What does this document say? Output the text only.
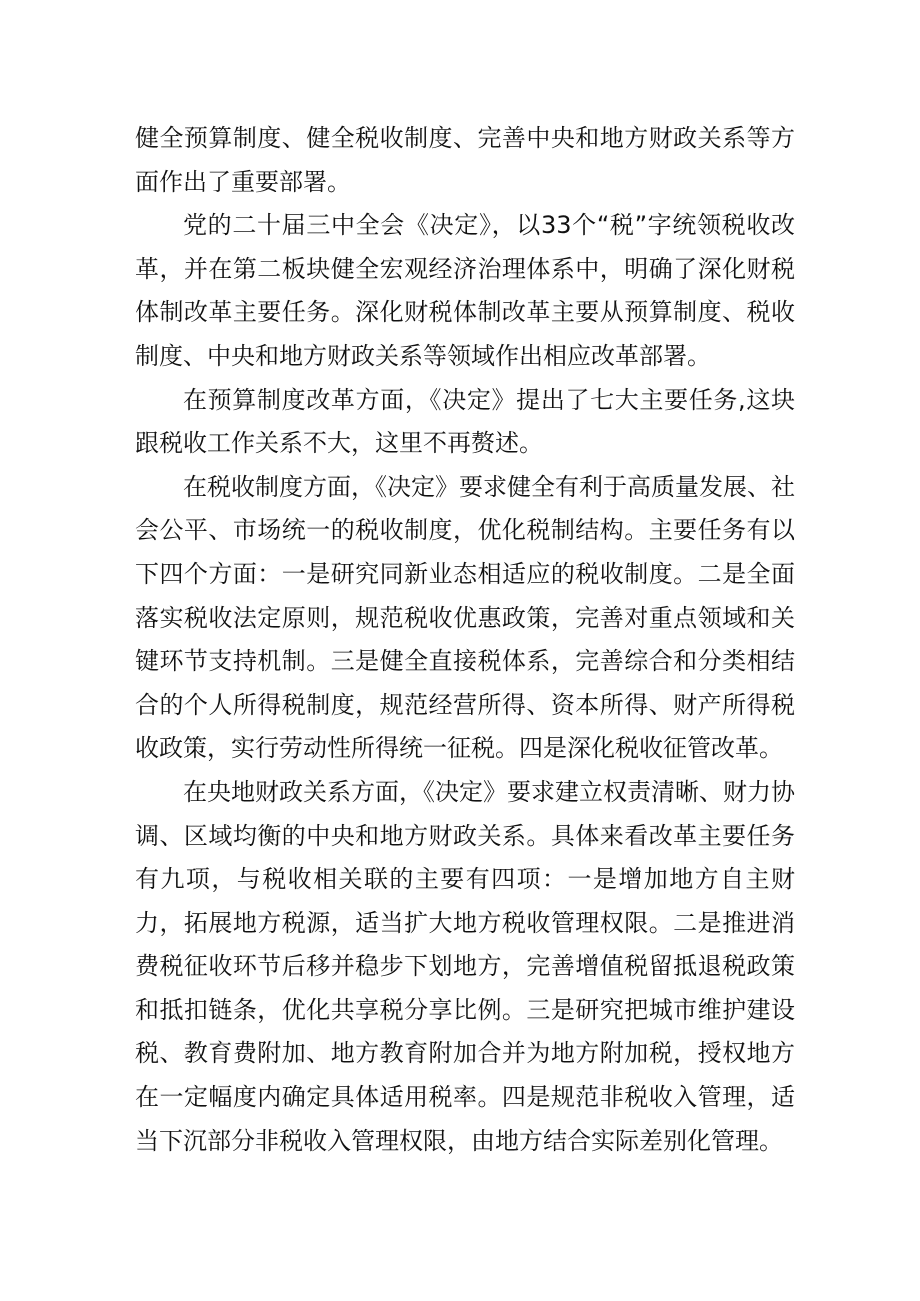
健全预算制度、健全税收制度、完善中央和地方财政关系等方面作出了重要部署。

党的二十届三中全会《决定》，以33个“税”字统领税收改革，并在第二板块健全宏观经济治理体系中，明确了深化财税体制改革主要任务。深化财税体制改革主要从预算制度、税收制度、中央和地方财政关系等领域作出相应改革部署。

在预算制度改革方面，《决定》提出了七大主要任务,这块跟税收工作关系不大，这里不再赘述。

在税收制度方面，《决定》要求健全有利于高质量发展、社会公平、市场统一的税收制度，优化税制结构。主要任务有以下四个方面：一是研究同新业态相适应的税收制度。二是全面落实税收法定原则，规范税收优惠政策，完善对重点领域和关键环节支持机制。三是健全直接税体系，完善综合和分类相结合的个人所得税制度，规范经营所得、资本所得、财产所得税收政策，实行劳动性所得统一征税。四是深化税收征管改革。

在央地财政关系方面，《决定》要求建立权责清晰、财力协调、区域均衡的中央和地方财政关系。具体来看改革主要任务有九项，与税收相关联的主要有四项：一是增加地方自主财力，拓展地方税源，适当扩大地方税收管理权限。二是推进消费税征收环节后移并稳步下划地方，完善增值税留抵退税政策和抵扣链条，优化共享税分享比例。三是研究把城市维护建设税、教育费附加、地方教育附加合并为地方附加税，授权地方在一定幅度内确定具体适用税率。四是规范非税收入管理，适当下沉部分非税收入管理权限，由地方结合实际差别化管理。
